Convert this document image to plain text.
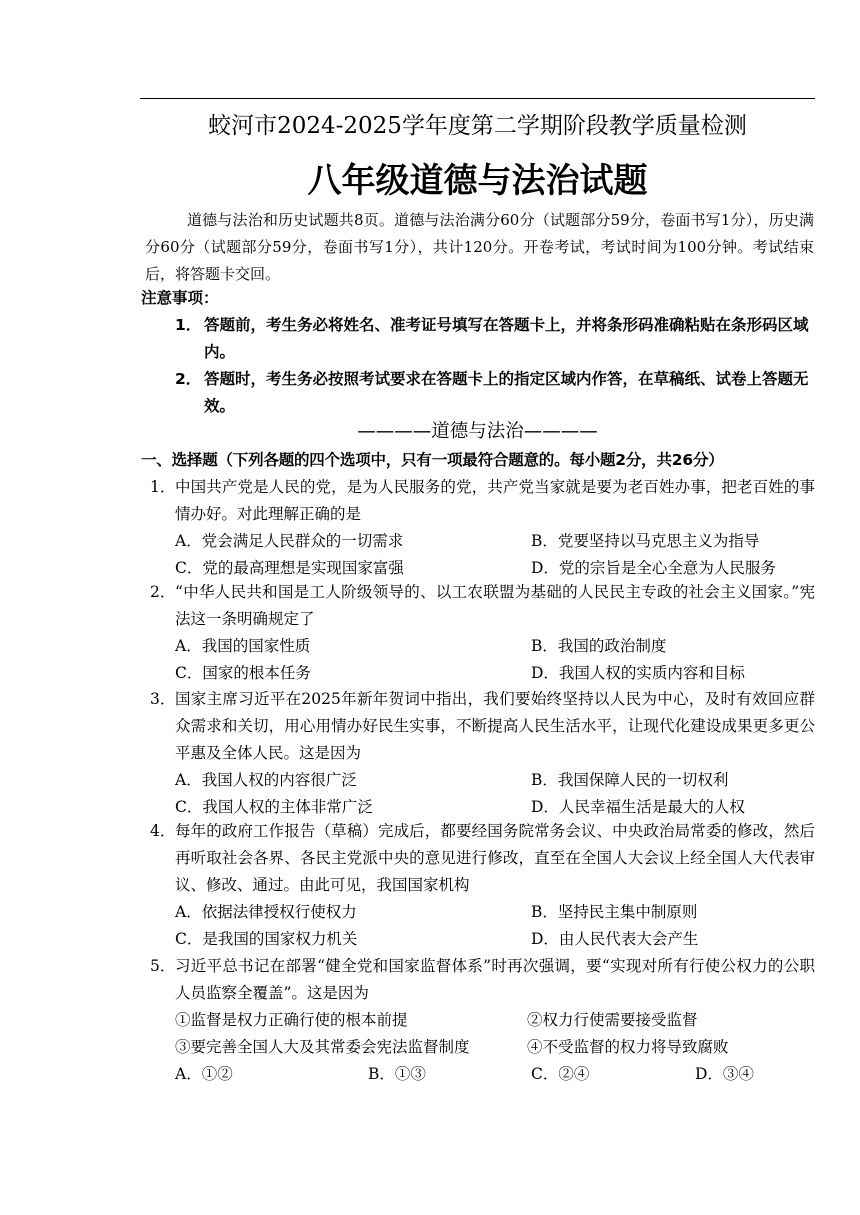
蛟河市2024-2025学年度第二学期阶段教学质量检测
八年级道德与法治试题
道德与法治和历史试题共8页。道德与法治满分60分（试题部分59分，卷面书写1分），历史满分60分（试题部分59分，卷面书写1分），共计120分。开卷考试，考试时间为100分钟。考试结束后，将答题卡交回。
注意事项：
1． 答题前，考生务必将姓名、准考证号填写在答题卡上，并将条形码准确粘贴在条形码区域内。
2． 答题时，考生务必按照考试要求在答题卡上的指定区域内作答，在草稿纸、试卷上答题无效。
————道德与法治————
一、选择题（下列各题的四个选项中，只有一项最符合题意的。每小题2分，共26分）
1． 中国共产党是人民的党，是为人民服务的党，共产党当家就是要为老百姓办事，把老百姓的事情办好。对此理解正确的是
A．党会满足人民群众的一切需求	B．党要坚持以马克思主义为指导
C．党的最高理想是实现国家富强	D．党的宗旨是全心全意为人民服务
2． “中华人民共和国是工人阶级领导的、以工农联盟为基础的人民民主专政的社会主义国家。”宪法这一条明确规定了
A．我国的国家性质	B．我国的政治制度
C．国家的根本任务	D．我国人权的实质内容和目标
3． 国家主席习近平在2025年新年贺词中指出，我们要始终坚持以人民为中心，及时有效回应群众需求和关切，用心用情办好民生实事，不断提高人民生活水平，让现代化建设成果更多更公平惠及全体人民。这是因为
A．我国人权的内容很广泛	B．我国保障人民的一切权利
C．我国人权的主体非常广泛	D．人民幸福生活是最大的人权
4． 每年的政府工作报告（草稿）完成后，都要经国务院常务会议、中央政治局常委的修改，然后再听取社会各界、各民主党派中央的意见进行修改，直至在全国人大会议上经全国人大代表审议、修改、通过。由此可见，我国国家机构
A．依据法律授权行使权力	B．坚持民主集中制原则
C．是我国的国家权力机关	D．由人民代表大会产生
5． 习近平总书记在部署“健全党和国家监督体系”时再次强调，要“实现对所有行使公权力的公职人员监察全覆盖”。这是因为
①监督是权力正确行使的根本前提	②权力行使需要接受监督
③要完善全国人大及其常委会宪法监督制度	④不受监督的权力将导致腐败
A．①②	B．①③	C．②④	D．③④
